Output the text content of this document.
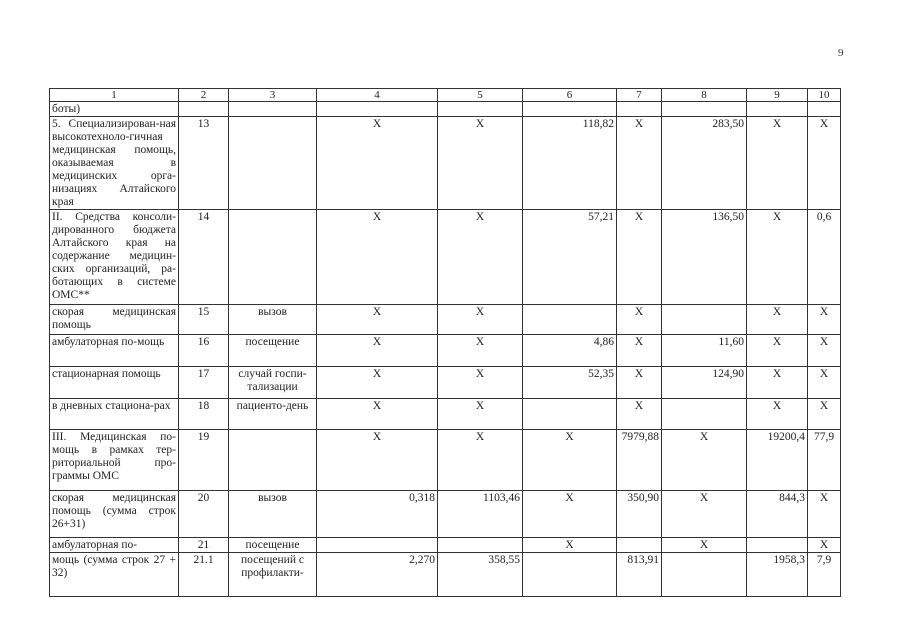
9
1	2	3	4	5	6	7	8	9	10
боты)									
5. Специализирован-ная высокотехноло-гичная медицинская помощь, оказываемая в медицинских орга-низациях Алтайского края	13		X	X	118,82	X	283,50	X	X
II. Средства консоли-дированного бюджета Алтайского края на содержание медицин-ских организаций, ра-ботающих в системе ОМС**	14		X	X	57,21	X	136,50	X	0,6
скорая медицинская помощь	15	вызов	X	X		X		X	X
амбулаторная по-мощь	16	посещение	X	X	4,86	X	11,60	X	X
стационарная помощь	17	случай госпи-тализации	X	X	52,35	X	124,90	X	X
в дневных стациона-рах	18	пациенто-день	X	X		X		X	X
III. Медицинская по-мощь в рамках тер-риториальной про-граммы ОМС	19		X	X	X	7979,88	X	19200,4	77,9
скорая медицинская помощь (сумма строк 26+31)	20	вызов	0,318	1103,46	X	350,90	X	844,3	X
амбулаторная по-	21	посещение			X		X		X
мощь (сумма строк 27 + 32)	21.1	посещений с профилакти-	2,270	358,55		813,91		1958,3	7,9
